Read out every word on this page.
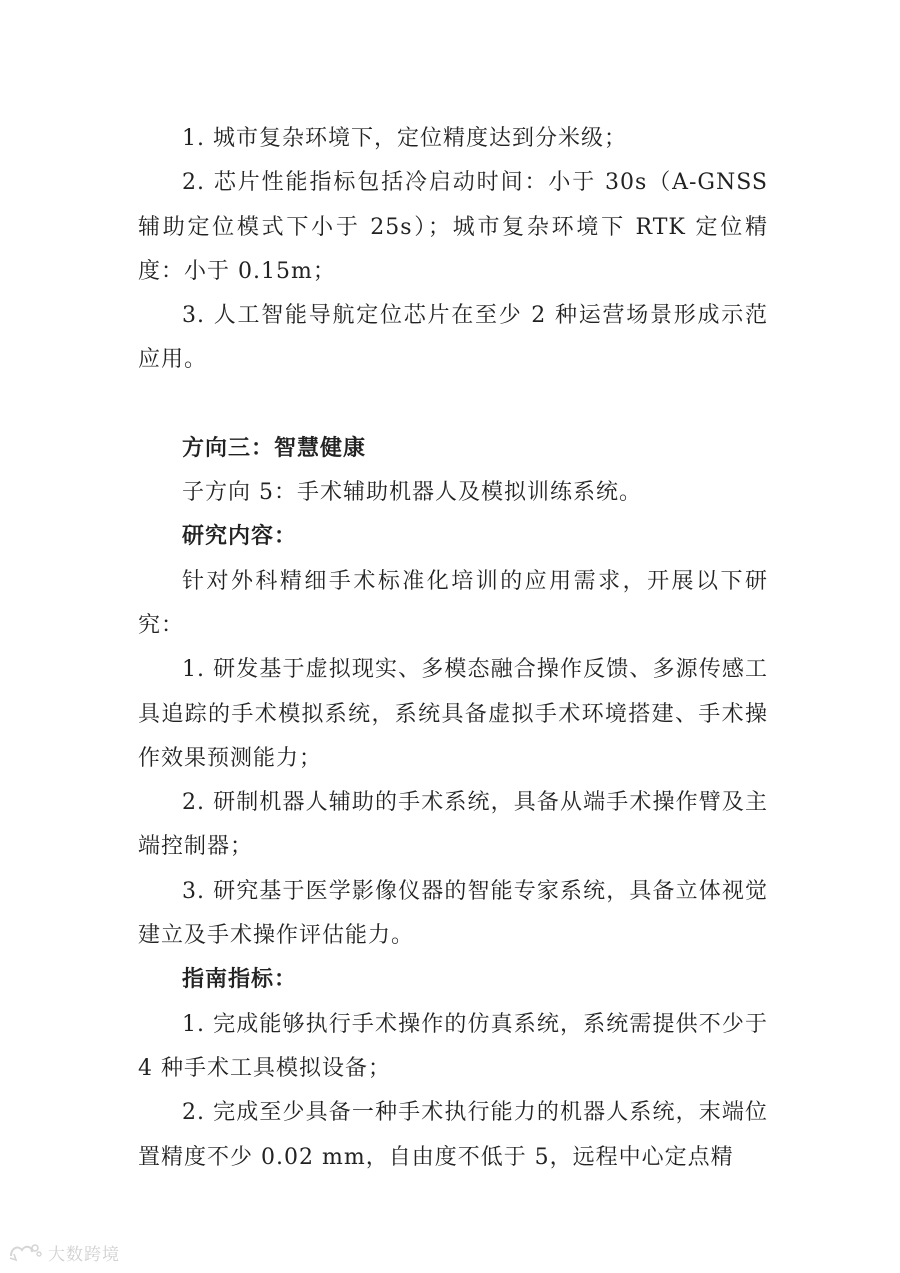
1. 城市复杂环境下，定位精度达到分米级；

2. 芯片性能指标包括冷启动时间：小于 30s（A-GNSS 辅助定位模式下小于 25s）；城市复杂环境下 RTK 定位精度：小于 0.15m；

3. 人工智能导航定位芯片在至少 2 种运营场景形成示范应用。

方向三：智慧健康

子方向 5：手术辅助机器人及模拟训练系统。

研究内容：

针对外科精细手术标准化培训的应用需求，开展以下研究：

1. 研发基于虚拟现实、多模态融合操作反馈、多源传感工具追踪的手术模拟系统，系统具备虚拟手术环境搭建、手术操作效果预测能力；

2. 研制机器人辅助的手术系统，具备从端手术操作臂及主端控制器；

3. 研究基于医学影像仪器的智能专家系统，具备立体视觉建立及手术操作评估能力。

指南指标：

1. 完成能够执行手术操作的仿真系统，系统需提供不少于 4 种手术工具模拟设备；

2. 完成至少具备一种手术执行能力的机器人系统，末端位置精度不少 0.02 mm，自由度不低于 5，远程中心定点精

大数跨境
